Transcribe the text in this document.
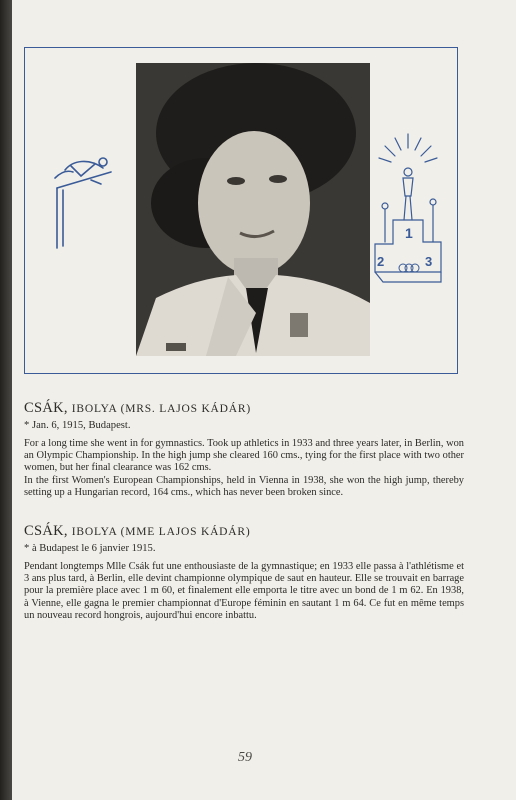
1
2	3

CSÁK, IBOLYA (MRS. LAJOS KÁDÁR)

* Jan. 6, 1915, Budapest.

For a long time she went in for gymnastics. Took up athletics in 1933 and three years later, in Berlin, won an Olympic Championship. In the high jump she cleared 160 cms., tying for the first place with two other women, but her final clearance was 162 cms.

In the first Women's European Championships, held in Vienna in 1938, she won the high jump, thereby setting up a Hungarian record, 164 cms., which has never been broken since.

CSÁK, IBOLYA (MME LAJOS KÁDÁR)

* à Budapest le 6 janvier 1915.

Pendant longtemps Mlle Csák fut une enthousiaste de la gymnastique; en 1933 elle passa à l'athlétisme et 3 ans plus tard, à Berlin, elle devint championne olympique de saut en hauteur. Elle se trouvait en barrage pour la première place avec 1 m 60, et finalement elle emporta le titre avec un bond de 1 m 62. En 1938, à Vienne, elle gagna le premier championnat d'Europe féminin en sautant 1 m 64. Ce fut en même temps un nouveau record hongrois, aujourd'hui encore inbattu.

59
